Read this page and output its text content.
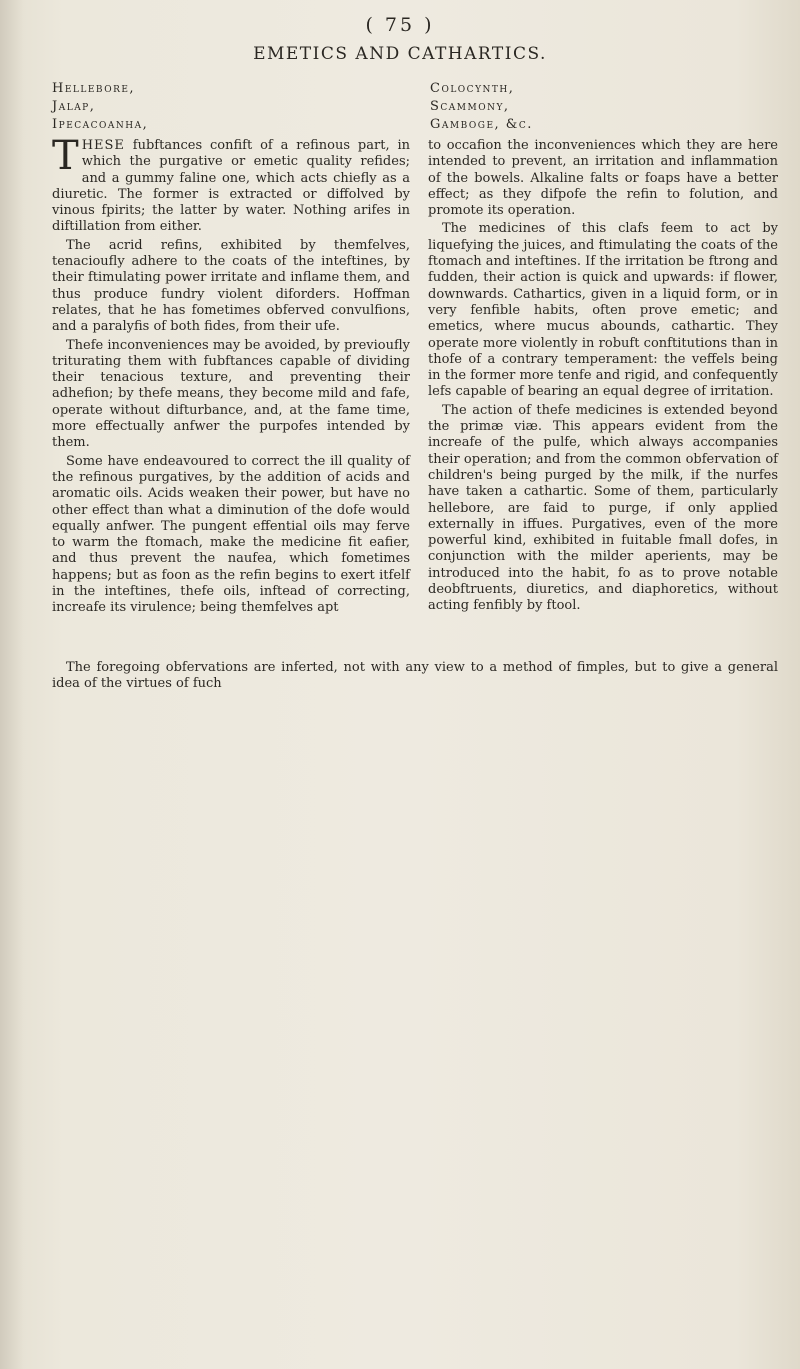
( 75 )
EMETICS AND CATHARTICS.
Hellebore,
Jalap,
Ipecacoanha,
Colocynth,
Scammony,
Gamboge, &c.

THESE fubftances confift of a refinous part, in which the purgative or emetic quality refides; and a gummy faline one, which acts chiefly as a diuretic. The former is extracted or diffolved by vinous fpirits; the latter by water. Nothing arifes in diftillation from either.

The acrid refins, exhibited by themfelves, tenacioufly adhere to the coats of the inteftines, by their ftimulating power irritate and inflame them, and thus produce fundry violent diforders. Hoffman relates, that he has fometimes obferved convulfions, and a paralyfis of both fides, from their ufe.

Thefe inconveniences may be avoided, by previoufly triturating them with fubftances capable of dividing their tenacious texture, and preventing their adhefion; by thefe means, they become mild and fafe, operate without difturbance, and, at the fame time, more effectually anfwer the purpofes intended by them.

Some have endeavoured to correct the ill quality of the refinous purgatives, by the addition of acids and aromatic oils. Acids weaken their power, but have no other effect than what a diminution of the dofe would equally anfwer. The pungent effential oils may ferve to warm the ftomach, make the medicine fit eafier, and thus prevent the naufea, which fometimes happens; but as foon as the refin begins to exert itfelf in the inteftines, thefe oils, inftead of correcting, increafe its virulence; being themfelves apt

to occafion the inconveniences which they are here intended to prevent, an irritation and inflammation of the bowels. Alkaline falts or foaps have a better effect; as they difpofe the refin to folution, and promote its operation.

The medicines of this clafs feem to act by liquefying the juices, and ftimulating the coats of the ftomach and inteftines. If the irritation be ftrong and fudden, their action is quick and upwards: if flower, downwards. Cathartics, given in a liquid form, or in very fenfible habits, often prove emetic; and emetics, where mucus abounds, cathartic. They operate more violently in robuft conftitutions than in thofe of a contrary temperament: the veffels being in the former more tenfe and rigid, and confequently lefs capable of bearing an equal degree of irritation.

The action of thefe medicines is extended beyond the primæ viæ. This appears evident from the increafe of the pulfe, which always accompanies their operation; and from the common obfervation of children's being purged by the milk, if the nurfes have taken a cathartic. Some of them, particularly hellebore, are faid to purge, if only applied externally in iffues. Purgatives, even of the more powerful kind, exhibited in fuitable fmall dofes, in conjunction with the milder aperients, may be introduced into the habit, fo as to prove notable deobftruents, diuretics, and diaphoretics, without acting fenfibly by ftool.

The foregoing obfervations are inferted, not with any view to a method of fimples, but to give a general idea of the virtues of fuch
